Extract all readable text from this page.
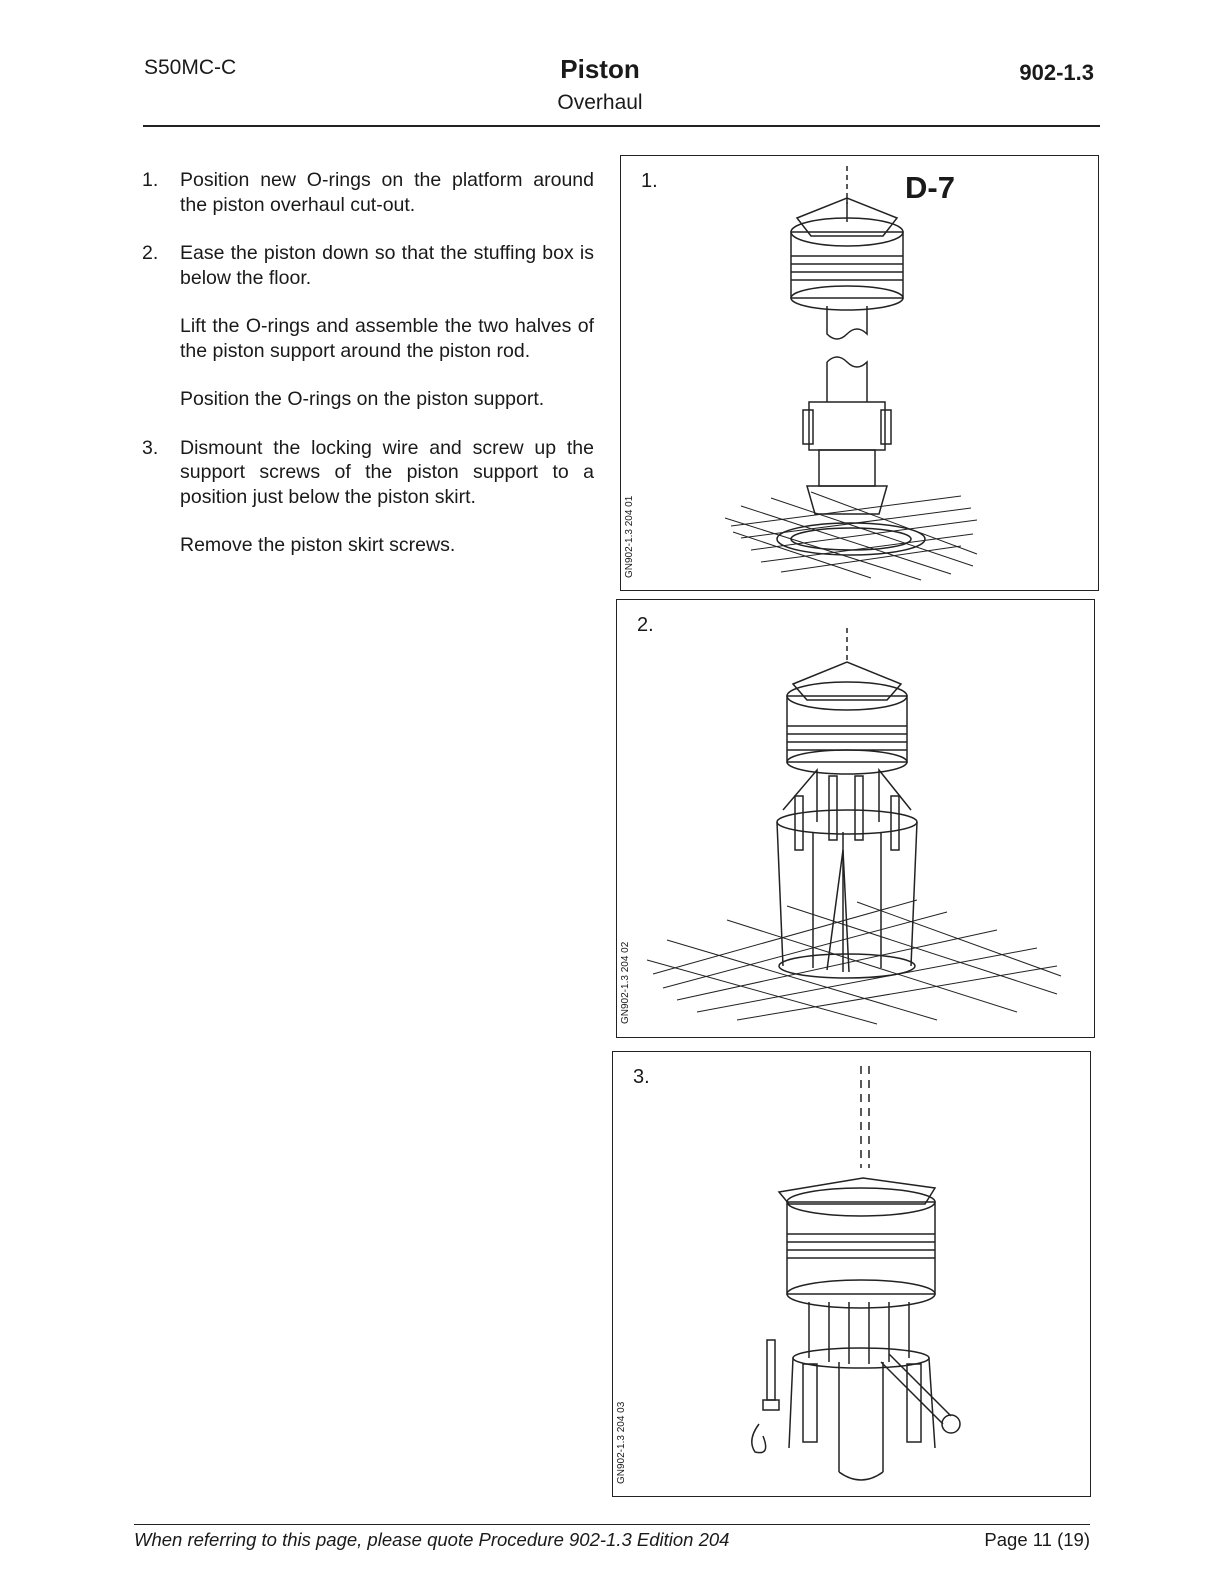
S50MC-C	Piston
Overhaul
902-1.3
1. Position new O-rings on the platform around the piston overhaul cut-out.

2. Ease the piston down so that the stuffing box is below the floor.

Lift the O-rings and assemble the two halves of the piston support around the piston rod.

Position the O-rings on the piston support.

3. Dismount the locking wire and screw up the support screws of the piston support to a position just below the piston skirt.

Remove the piston skirt screws.

1.	D-7
GN902-1.3 204 01
2.
GN902-1.3 204 02
3.
GN902-1.3 204 03
When referring to this page, please quote Procedure 902-1.3 Edition 204	Page 11 (19)
